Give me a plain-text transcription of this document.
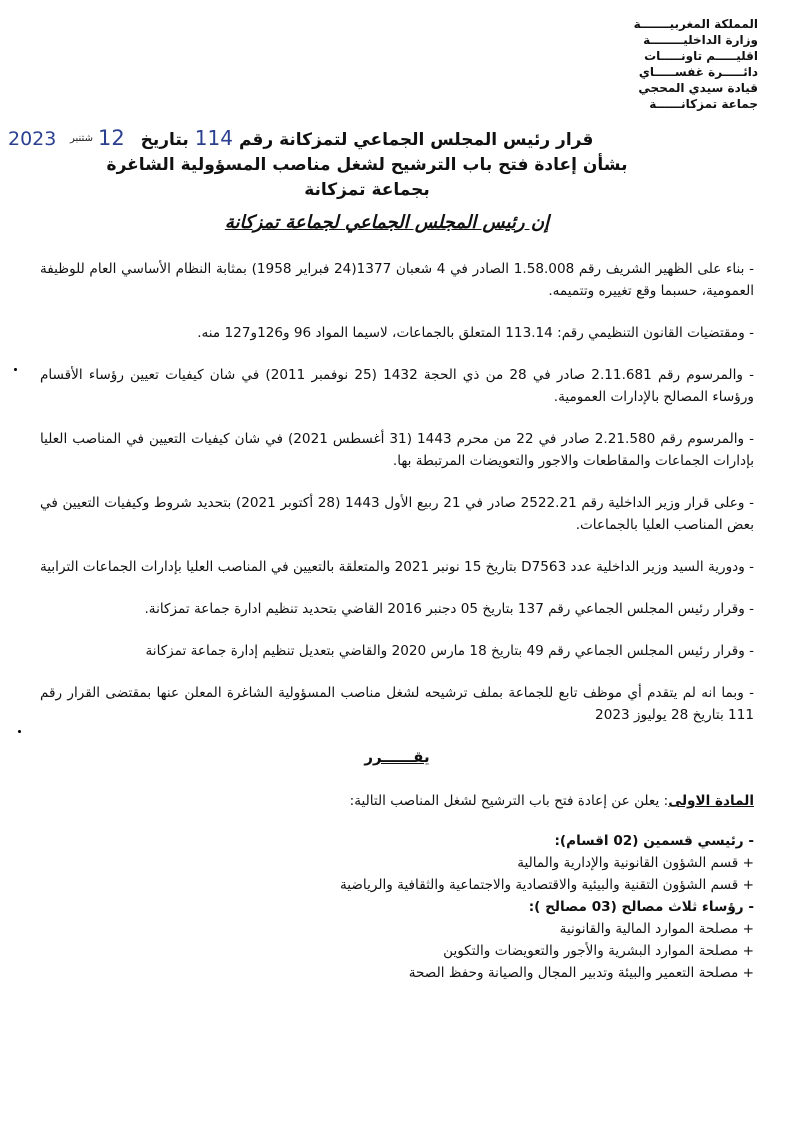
المملكة المغربيـــــــة
وزارة الداخليــــــــة
اقليـــــم تاونـــــات
دائـــــرة غفســـــاي
قيادة سيدي المحجي
جماعة تمزكانــــــة
2023 شتنبر 12	قرار رئيس المجلس الجماعي لتمزكانة رقم
114
بتاريخ
بشأن إعادة فتح باب الترشيح لشغل مناصب المسؤولية الشاغرة
بجماعة تمزكانة
إن رئيس المجلس الجماعي لجماعة تمزكانة

- بناء على الظهير الشريف رقم 1.58.008 الصادر في 4 شعبان 1377(24 فبراير 1958) بمثابة النظام الأساسي العام للوظيفة العمومية، حسبما وقع تغييره وتتميمه.

- ومقتضيات القانون التنظيمي رقم: 113.14 المتعلق بالجماعات، لاسيما المواد 96 و126و127 منه.

- والمرسوم رقم 2.11.681 صادر في 28 من ذي الحجة 1432 (25 نوفمبر 2011) في شان كيفيات تعيين رؤساء الأقسام ورؤساء المصالح بالإدارات العمومية.

- والمرسوم رقم 2.21.580 صادر في 22 من محرم 1443 (31 أغسطس 2021) في شان كيفيات التعيين في المناصب العليا بإدارات الجماعات والمقاطعات والاجور والتعويضات المرتبطة بها.

- وعلى قرار وزير الداخلية رقم 2522.21 صادر في 21 ربيع الأول 1443 (28 أكتوبر 2021) بتحديد شروط وكيفيات التعيين في بعض المناصب العليا بالجماعات.

- ودورية السيد وزير الداخلية عدد D7563 بتاريخ 15 نونبر 2021 والمتعلقة بالتعيين في المناصب العليا بإدارات الجماعات الترابية

- وقرار رئيس المجلس الجماعي رقم 137 بتاريخ 05 دجنبر 2016 القاضي بتحديد تنظيم ادارة جماعة تمزكانة.

- وقرار رئيس المجلس الجماعي رقم 49 بتاريخ 18 مارس 2020 والقاضي بتعديل تنظيم إدارة جماعة تمزكانة

- وبما انه لم يتقدم أي موظف تابع للجماعة بملف ترشيحه لشغل مناصب المسؤولية الشاغرة المعلن عنها بمقتضى القرار رقم 111 بتاريخ 28 يوليوز 2023

يقــــــرر

المادة الاولى: يعلن عن إعادة فتح باب الترشيح لشغل المناصب التالية:

- رئيسي قسمين (02 اقسام):

+ قسم الشؤون القانونية والإدارية والمالية

+ قسم الشؤون التقنية والبيئية والاقتصادية والاجتماعية والثقافية والرياضية

- رؤساء ثلاث مصالح (03 مصالح ):

+ مصلحة الموارد المالية والقانونية

+ مصلحة الموارد البشرية والأجور والتعويضات والتكوين

+ مصلحة التعمير والبيئة وتدبير المجال والصيانة وحفظ الصحة
